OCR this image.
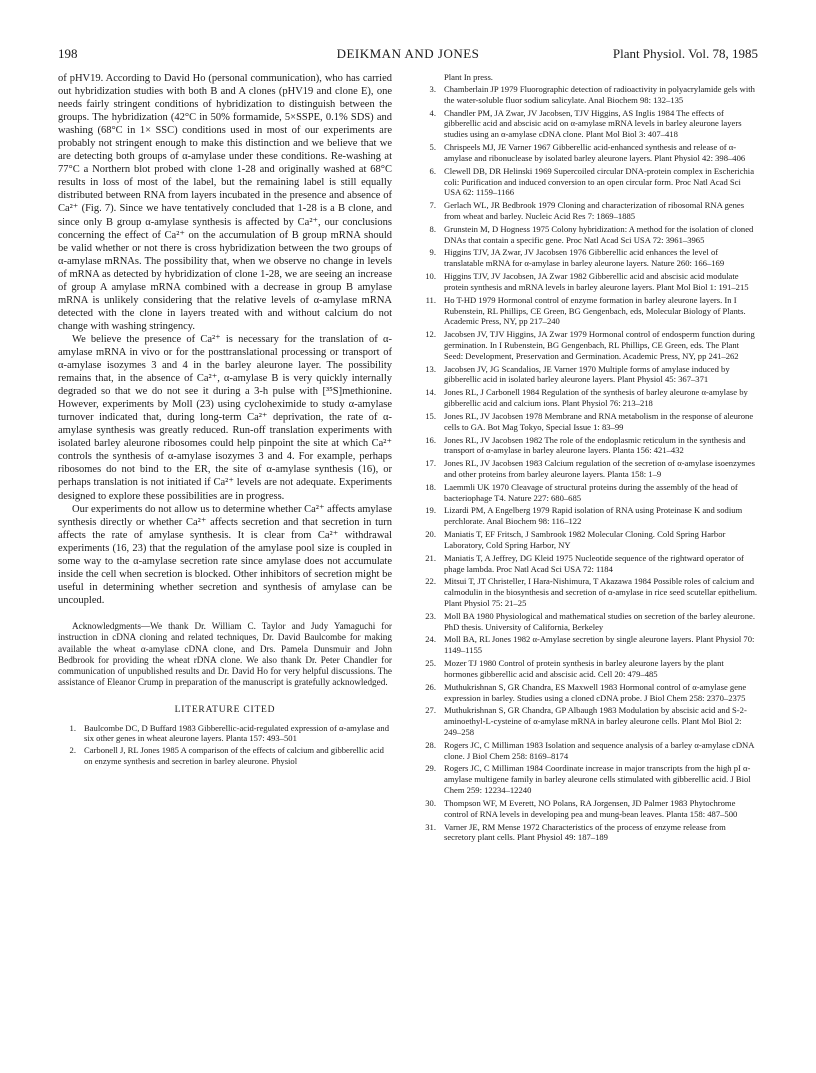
198	DEIKMAN AND JONES	Plant Physiol. Vol. 78, 1985

of pHV19. According to David Ho (personal communication), who has carried out hybridization studies with both B and A clones (pHV19 and clone E), one needs fairly stringent conditions of hybridization to distinguish between the groups. The hybridization (42°C in 50% formamide, 5×SSPE, 0.1% SDS) and washing (68°C in 1× SSC) conditions used in most of our experiments are probably not stringent enough to make this distinction and we believe that we are detecting both groups of α-amylase under these conditions. Re-washing at 77°C a Northern blot probed with clone 1-28 and originally washed at 68°C results in loss of most of the label, but the remaining label is still equally distributed between RNA from layers incubated in the presence and absence of Ca²⁺ (Fig. 7). Since we have tentatively concluded that 1-28 is a B clone, and since only B group α-amylase synthesis is affected by Ca²⁺, our conclusions concerning the effect of Ca²⁺ on the accumulation of B group mRNA should be valid whether or not there is cross hybridization between the two groups of α-amylase mRNAs. The possibility that, when we observe no change in levels of mRNA as detected by hybridization of clone 1-28, we are seeing an increase of group A amylase mRNA combined with a decrease in group B amylase mRNA is unlikely considering that the relative levels of α-amylase mRNA detected with the clone in layers treated with and without calcium do not change with washing stringency.

We believe the presence of Ca²⁺ is necessary for the translation of α-amylase mRNA in vivo or for the posttranslational processing or transport of α-amylase isozymes 3 and 4 in the barley aleurone layer. The possibility remains that, in the absence of Ca²⁺, α-amylase B is very quickly internally degraded so that we do not see it during a 3-h pulse with [³⁵S]methionine. However, experiments by Moll (23) using cycloheximide to study α-amylase turnover indicated that, during long-term Ca²⁺ deprivation, the rate of α-amylase synthesis was greatly reduced. Run-off translation experiments with isolated barley aleurone ribosomes could help pinpoint the site at which Ca²⁺ controls the synthesis of α-amylase isozymes 3 and 4. For example, perhaps ribosomes do not bind to the ER, the site of α-amylase synthesis (16), or perhaps translation is not initiated if Ca²⁺ levels are not adequate. Experiments designed to explore these possibilities are in progress.

Our experiments do not allow us to determine whether Ca²⁺ affects amylase synthesis directly or whether Ca²⁺ affects secretion and that secretion in turn affects the rate of amylase synthesis. It is clear from Ca²⁺ withdrawal experiments (16, 23) that the regulation of the amylase pool size is coupled in some way to the α-amylase secretion rate since amylase does not accumulate inside the cell when secretion is blocked. Other inhibitors of secretion might be useful in determining whether secretion and synthesis of amylase can be uncoupled.

Acknowledgments—We thank Dr. William C. Taylor and Judy Yamaguchi for instruction in cDNA cloning and related techniques, Dr. David Baulcombe for making available the wheat α-amylase cDNA clone, and Drs. Pamela Dunsmuir and John Bedbrook for providing the wheat rDNA clone. We also thank Dr. Peter Chandler for communication of unpublished results and Dr. David Ho for very helpful discussions. The assistance of Eleanor Crump in preparation of the manuscript is gratefully acknowledged.

LITERATURE CITED
1. Baulcombe DC, D Buffard 1983 Gibberellic-acid-regulated expression of α-amylase and six other genes in wheat aleurone layers. Planta 157: 493–501
2. Carbonell J, RL Jones 1985 A comparison of the effects of calcium and gibberellic acid on enzyme synthesis and secretion in barley aleurone. Physiol
Plant In press.
3. Chamberlain JP 1979 Fluorographic detection of radioactivity in polyacrylamide gels with the water-soluble fluor sodium salicylate. Anal Biochem 98: 132–135
4. Chandler PM, JA Zwar, JV Jacobsen, TJV Higgins, AS Inglis 1984 The effects of gibberellic acid and abscisic acid on α-amylase mRNA levels in barley aleurone layers studies using an α-amylase cDNA clone. Plant Mol Biol 3: 407–418
5. Chrispeels MJ, JE Varner 1967 Gibberellic acid-enhanced synthesis and release of α-amylase and ribonuclease by isolated barley aleurone layers. Plant Physiol 42: 398–406
6. Clewell DB, DR Helinski 1969 Supercoiled circular DNA-protein complex in Escherichia coli: Purification and induced conversion to an open circular form. Proc Natl Acad Sci USA 62: 1159–1166
7. Gerlach WL, JR Bedbrook 1979 Cloning and characterization of ribosomal RNA genes from wheat and barley. Nucleic Acid Res 7: 1869–1885
8. Grunstein M, D Hogness 1975 Colony hybridization: A method for the isolation of cloned DNAs that contain a specific gene. Proc Natl Acad Sci USA 72: 3961–3965
9. Higgins TJV, JA Zwar, JV Jacobsen 1976 Gibberellic acid enhances the level of translatable mRNA for α-amylase in barley aleurone layers. Nature 260: 166–169
10. Higgins TJV, JV Jacobsen, JA Zwar 1982 Gibberellic acid and abscisic acid modulate protein synthesis and mRNA levels in barley aleurone layers. Plant Mol Biol 1: 191–215
11. Ho T-HD 1979 Hormonal control of enzyme formation in barley aleurone layers. In I Rubenstein, RL Phillips, CE Green, BG Gengenbach, eds, Molecular Biology of Plants. Academic Press, NY, pp 217–240
12. Jacobsen JV, TJV Higgins, JA Zwar 1979 Hormonal control of endosperm function during germination. In I Rubenstein, BG Gengenbach, RL Phillips, CE Green, eds. The Plant Seed: Development, Preservation and Germination. Academic Press, NY, pp 241–262
13. Jacobsen JV, JG Scandalios, JE Varner 1970 Multiple forms of amylase induced by gibberellic acid in isolated barley aleurone layers. Plant Physiol 45: 367–371
14. Jones RL, J Carbonell 1984 Regulation of the synthesis of barley aleurone α-amylase by gibberellic acid and calcium ions. Plant Physiol 76: 213–218
15. Jones RL, JV Jacobsen 1978 Membrane and RNA metabolism in the response of aleurone cells to GA. Bot Mag Tokyo, Special Issue 1: 83–99
16. Jones RL, JV Jacobsen 1982 The role of the endoplasmic reticulum in the synthesis and transport of α-amylase in barley aleurone layers. Planta 156: 421–432
17. Jones RL, JV Jacobsen 1983 Calcium regulation of the secretion of α-amylase isoenzymes and other proteins from barley aleurone layers. Planta 158: 1–9
18. Laemmli UK 1970 Cleavage of structural proteins during the assembly of the head of bacteriophage T4. Nature 227: 680–685
19. Lizardi PM, A Engelberg 1979 Rapid isolation of RNA using Proteinase K and sodium perchlorate. Anal Biochem 98: 116–122
20. Maniatis T, EF Fritsch, J Sambrook 1982 Molecular Cloning. Cold Spring Harbor Laboratory, Cold Spring Harbor, NY
21. Maniatis T, A Jeffrey, DG Kleid 1975 Nucleotide sequence of the rightward operator of phage lambda. Proc Natl Acad Sci USA 72: 1184
22. Mitsui T, JT Christeller, I Hara-Nishimura, T Akazawa 1984 Possible roles of calcium and calmodulin in the biosynthesis and secretion of α-amylase in rice seed scutellar epithelium. Plant Physiol 75: 21–25
23. Moll BA 1980 Physiological and mathematical studies on secretion of the barley aleurone. PhD thesis. University of California, Berkeley
24. Moll BA, RL Jones 1982 α-Amylase secretion by single aleurone layers. Plant Physiol 70: 1149–1155
25. Mozer TJ 1980 Control of protein synthesis in barley aleurone layers by the plant hormones gibberellic acid and abscisic acid. Cell 20: 479–485
26. Muthukrishnan S, GR Chandra, ES Maxwell 1983 Hormonal control of α-amylase gene expression in barley. Studies using a cloned cDNA probe. J Biol Chem 258: 2370–2375
27. Muthukrishnan S, GR Chandra, GP Albaugh 1983 Modulation by abscisic acid and S-2-aminoethyl-L-cysteine of α-amylase mRNA in barley aleurone cells. Plant Mol Biol 2: 249–258
28. Rogers JC, C Milliman 1983 Isolation and sequence analysis of a barley α-amylase cDNA clone. J Biol Chem 258: 8169–8174
29. Rogers JC, C Milliman 1984 Coordinate increase in major transcripts from the high pI α-amylase multigene family in barley aleurone cells stimulated with gibberellic acid. J Biol Chem 259: 12234–12240
30. Thompson WF, M Everett, NO Polans, RA Jorgensen, JD Palmer 1983 Phytochrome control of RNA levels in developing pea and mung-bean leaves. Planta 158: 487–500
31. Varner JE, RM Mense 1972 Characteristics of the process of enzyme release from secretory plant cells. Plant Physiol 49: 187–189
